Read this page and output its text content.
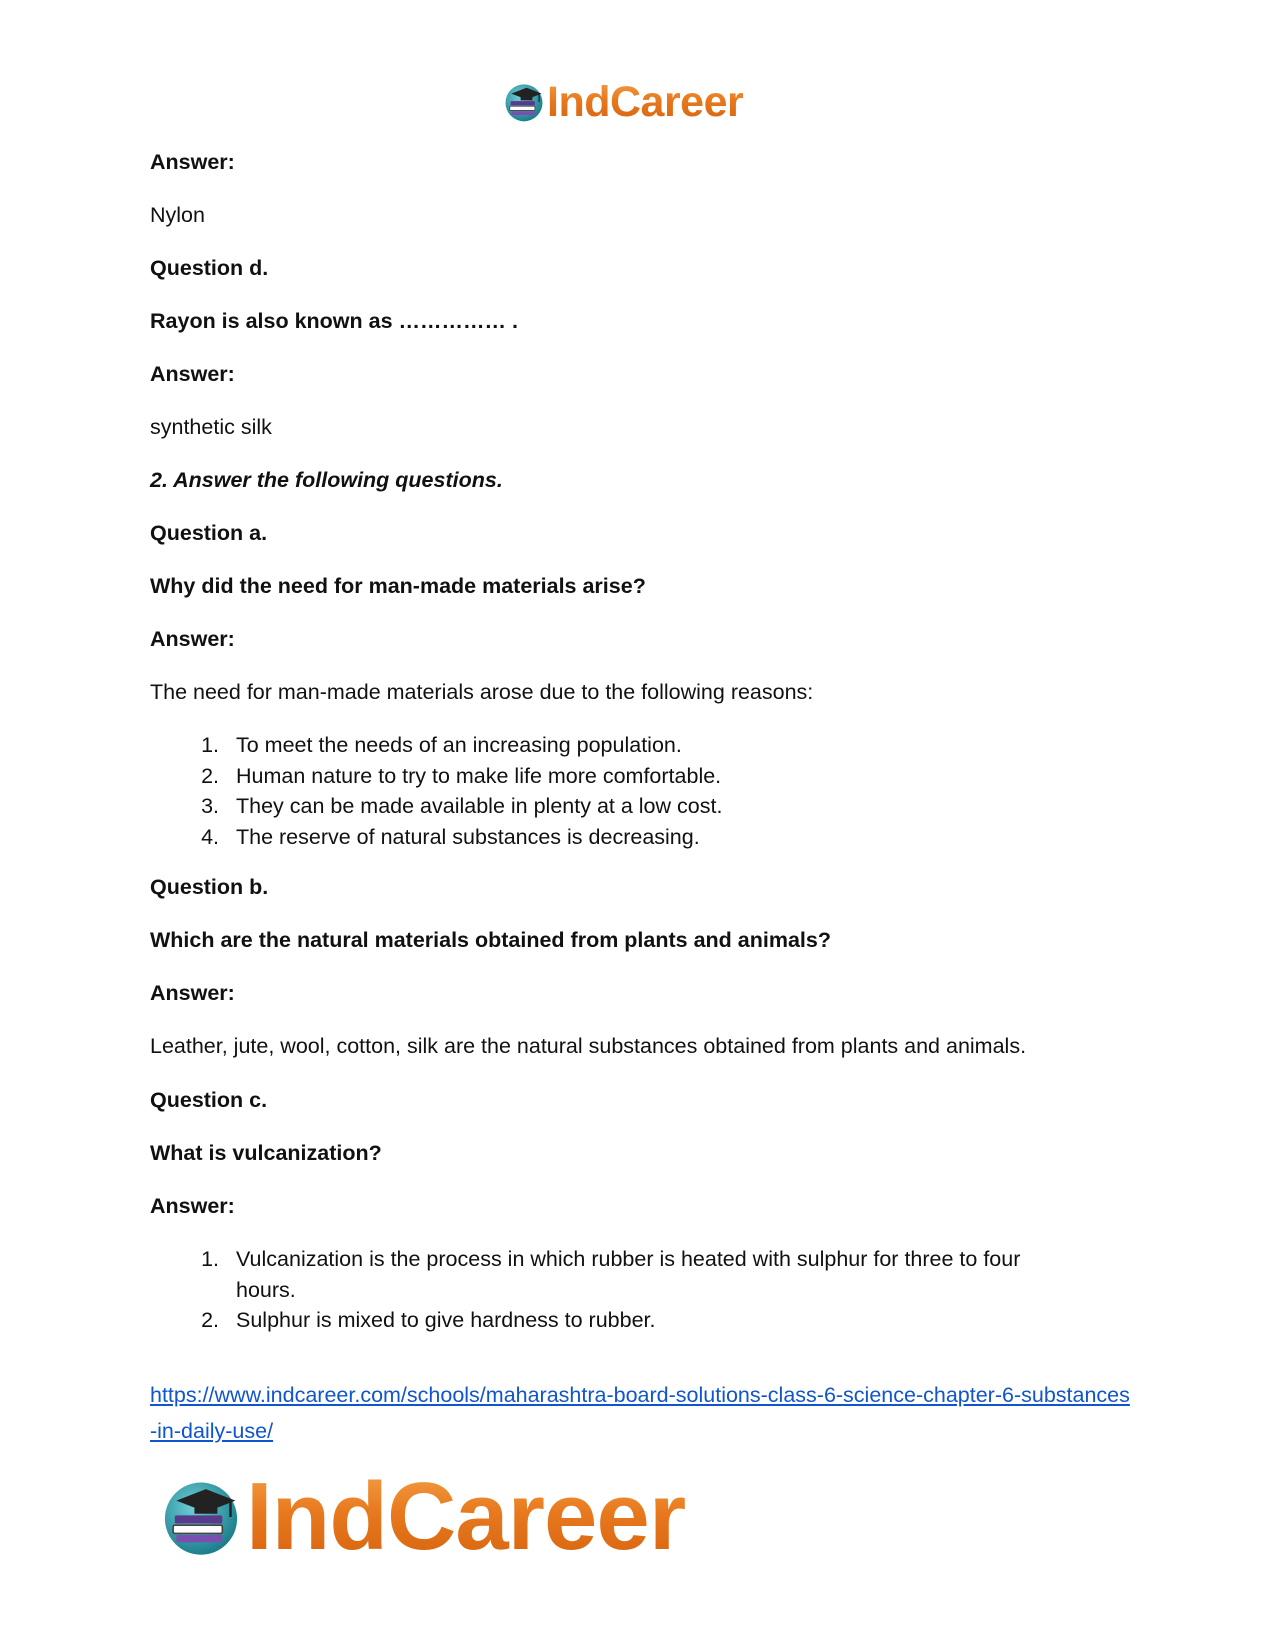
IndCareer

Answer:

Nylon

Question d.

Rayon is also known as …………… .

Answer:

synthetic silk

2. Answer the following questions.

Question a.

Why did the need for man-made materials arise?

Answer:

The need for man-made materials arose due to the following reasons:

1. To meet the needs of an increasing population.
2. Human nature to try to make life more comfortable.
3. They can be made available in plenty at a low cost.
4. The reserve of natural substances is decreasing.

Question b.

Which are the natural materials obtained from plants and animals?

Answer:

Leather, jute, wool, cotton, silk are the natural substances obtained from plants and animals.

Question c.

What is vulcanization?

Answer:

1. Vulcanization is the process in which rubber is heated with sulphur for three to four hours.
2. Sulphur is mixed to give hardness to rubber.
https://www.indcareer.com/schools/maharashtra-board-solutions-class-6-science-chapter-6-substances-in-daily-use/
IndCareer
